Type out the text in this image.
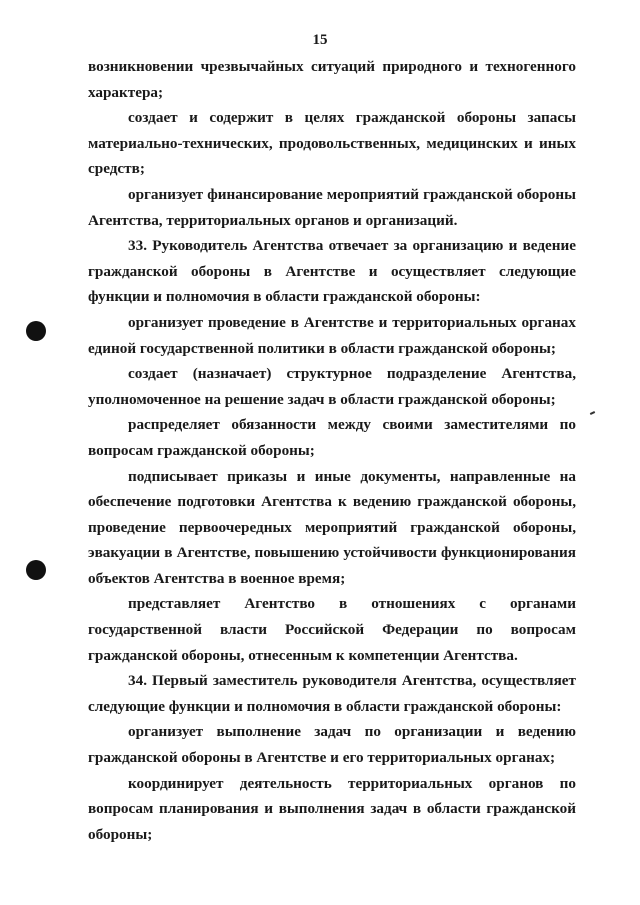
15

возникновении чрезвычайных ситуаций природного и техногенного характера;

создает и содержит в целях гражданской обороны запасы материально-технических, продовольственных, медицинских и иных средств;

организует финансирование мероприятий гражданской обороны Агентства, территориальных органов и организаций.

33. Руководитель Агентства отвечает за организацию и ведение гражданской обороны в Агентстве и осуществляет следующие функции и полномочия в области гражданской обороны:

организует проведение в Агентстве и территориальных органах единой государственной политики в области гражданской обороны;

создает (назначает) структурное подразделение Агентства, уполномоченное на решение задач в области гражданской обороны;

распределяет обязанности между своими заместителями по вопросам гражданской обороны;

подписывает приказы и иные документы, направленные на обеспечение подготовки Агентства к ведению гражданской обороны, проведение первоочередных мероприятий гражданской обороны, эвакуации в Агентстве, повышению устойчивости функционирования объектов Агентства в военное время;

представляет Агентство в отношениях с органами государственной власти Российской Федерации по вопросам гражданской обороны, отнесенным к компетенции Агентства.

34. Первый заместитель руководителя Агентства, осуществляет следующие функции и полномочия в области гражданской обороны:

организует выполнение задач по организации и ведению гражданской обороны в Агентстве и его территориальных органах;

координирует деятельность территориальных органов по вопросам планирования и выполнения задач в области гражданской обороны;
